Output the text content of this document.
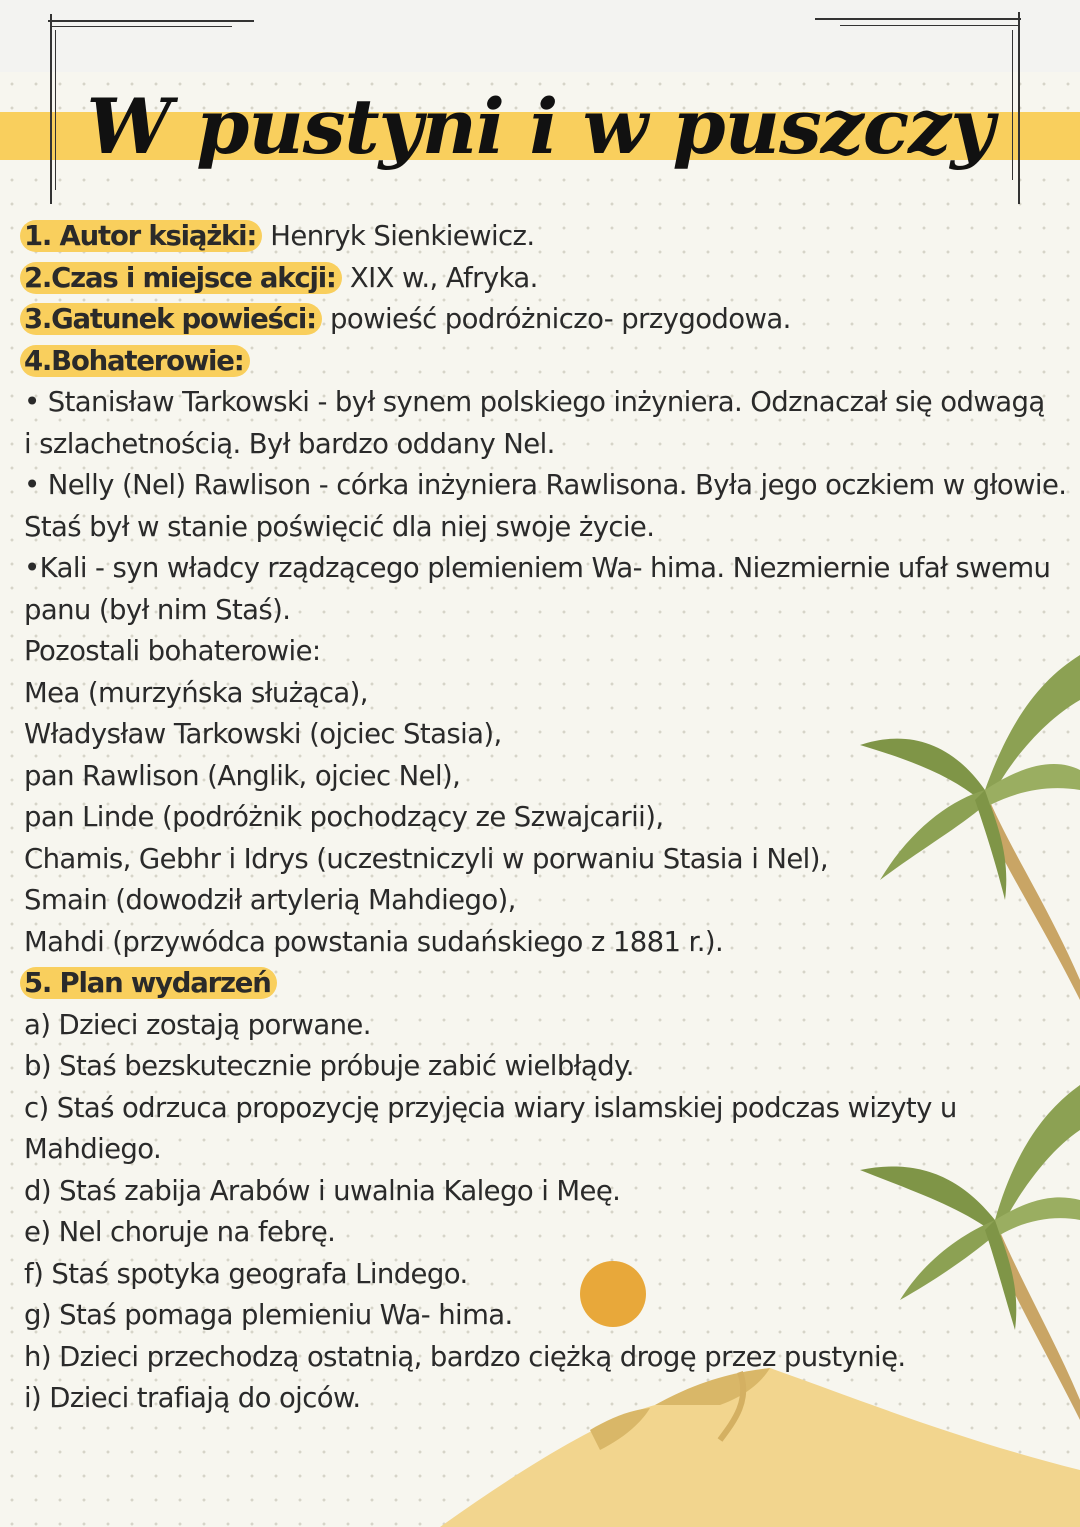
W pustyni i w puszczy
1. Autor książki: Henryk Sienkiewicz.
2.Czas i miejsce akcji: XIX w., Afryka.
3.Gatunek powieści: powieść podróżniczo- przygodowa.
4.Bohaterowie:
• Stanisław Tarkowski - był synem polskiego inżyniera. Odznaczał się odwagą
i szlachetnością. Był bardzo oddany Nel.
• Nelly (Nel) Rawlison - córka inżyniera Rawlisona. Była jego oczkiem w głowie.
Staś był w stanie poświęcić dla niej swoje życie.
•Kali - syn władcy rządzącego plemieniem Wa- hima. Niezmiernie ufał swemu
panu (był nim Staś).
Pozostali bohaterowie:
Mea (murzyńska służąca),
Władysław Tarkowski (ojciec Stasia),
pan Rawlison (Anglik, ojciec Nel),
pan Linde (podróżnik pochodzący ze Szwajcarii),
Chamis, Gebhr i Idrys (uczestniczyli w porwaniu Stasia i Nel),
Smain (dowodził artylerią Mahdiego),
Mahdi (przywódca powstania sudańskiego z 1881 r.).
5. Plan wydarzeń
a) Dzieci zostają porwane.
b) Staś bezskutecznie próbuje zabić wielbłądy.
c) Staś odrzuca propozycję przyjęcia wiary islamskiej podczas wizyty u
Mahdiego.
d) Staś zabija Arabów i uwalnia Kalego i Meę.
e) Nel choruje na febrę.
f) Staś spotyka geografa Lindego.
g) Staś pomaga plemieniu Wa- hima.
h) Dzieci przechodzą ostatnią, bardzo ciężką drogę przez pustynię.
i) Dzieci trafiają do ojców.
